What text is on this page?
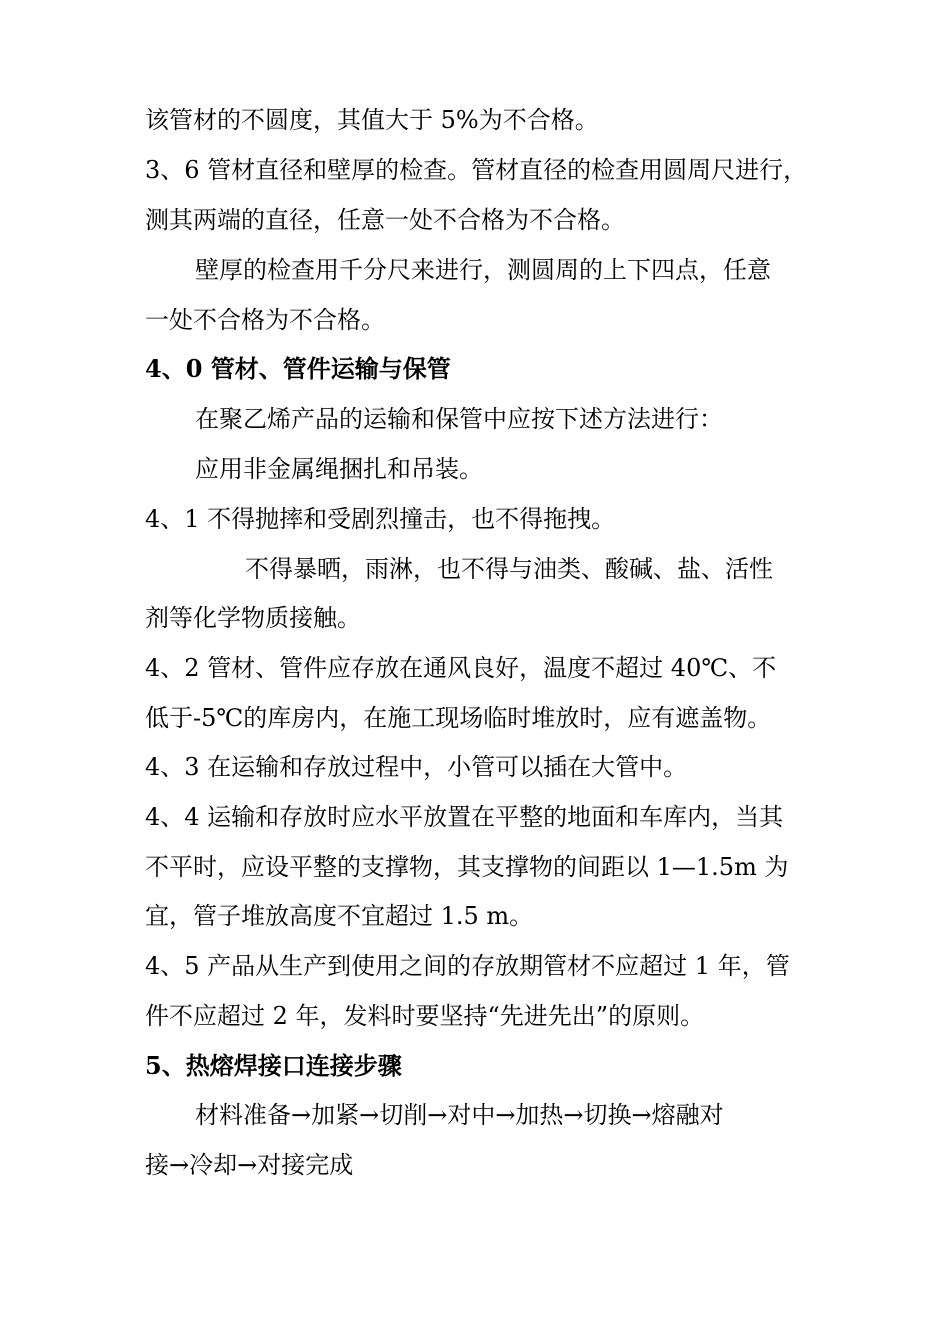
该管材的不圆度，其值大于 5%为不合格。
3、6 管材直径和壁厚的检查。管材直径的检查用圆周尺进行，
测其两端的直径，任意一处不合格为不合格。
壁厚的检查用千分尺来进行，测圆周的上下四点，任意
一处不合格为不合格。
4、0 管材、管件运输与保管
在聚乙烯产品的运输和保管中应按下述方法进行：
应用非金属绳捆扎和吊装。
4、1 不得抛摔和受剧烈撞击，也不得拖拽。
不得暴晒，雨淋，也不得与油类、酸碱、盐、活性
剂等化学物质接触。
4、2 管材、管件应存放在通风良好，温度不超过 40℃、不
低于-5℃的库房内，在施工现场临时堆放时，应有遮盖物。
4、3 在运输和存放过程中，小管可以插在大管中。
4、4 运输和存放时应水平放置在平整的地面和车库内，当其
不平时，应设平整的支撑物，其支撑物的间距以 1—1.5m 为
宜，管子堆放高度不宜超过 1.5 m。
4、5 产品从生产到使用之间的存放期管材不应超过 1 年，管
件不应超过 2 年，发料时要坚持“先进先出”的原则。
5、热熔焊接口连接步骤
材料准备→加紧→切削→对中→加热→切换→熔融对
接→冷却→对接完成
